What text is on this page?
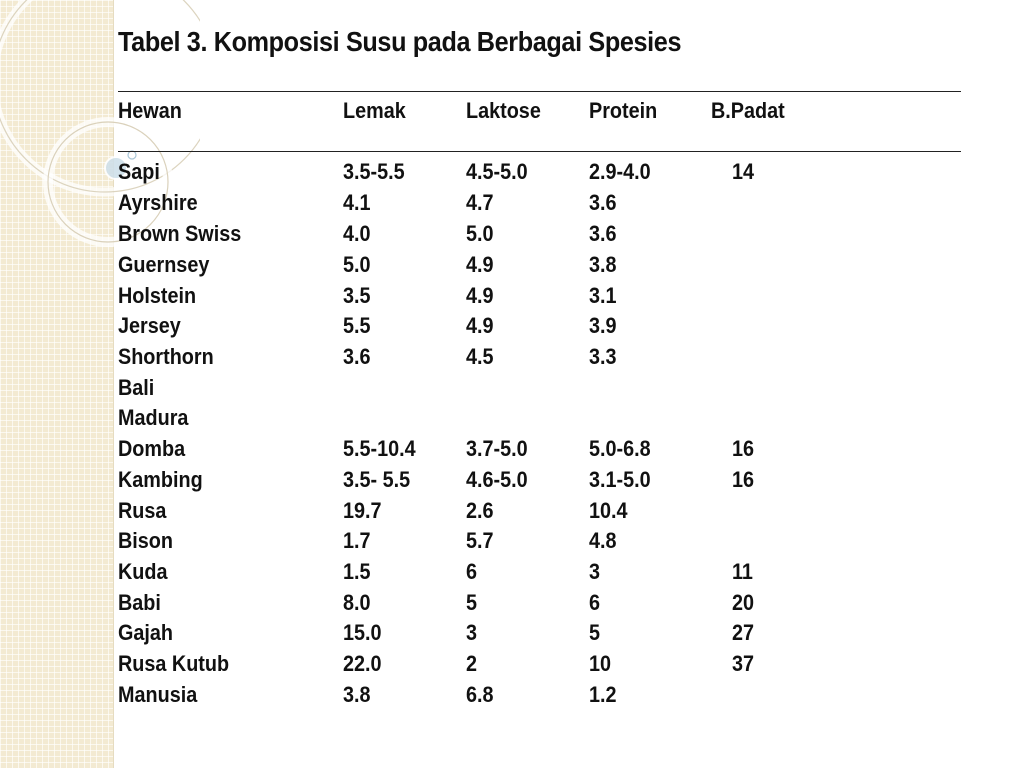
Tabel 3. Komposisi Susu pada Berbagai Spesies
Hewan	Lemak	Laktose Protein B.Padat
Sapi	3.5-5.5	4.5-5.0	2.9-4.0	14
Ayrshire	4.1	4.7	3.6
Brown Swiss	4.0	5.0	3.6
Guernsey	5.0	4.9	3.8
Holstein	3.5	4.9	3.1
Jersey	5.5	4.9	3.9
Shorthorn	3.6	4.5	3.3
Bali
Madura
Domba	5.5-10.4 3.7-5.0	5.0-6.8	16
Kambing	3.5- 5.5	4.6-5.0	3.1-5.0	16
Rusa	19.7	2.6	10.4
Bison	1.7	5.7	4.8
Kuda	1.5	6	3	11
Babi	8.0	5	6	20
Gajah	15.0	3	5	27
Rusa Kutub	22.0	2	10	37
Manusia	3.8	6.8	1.2
